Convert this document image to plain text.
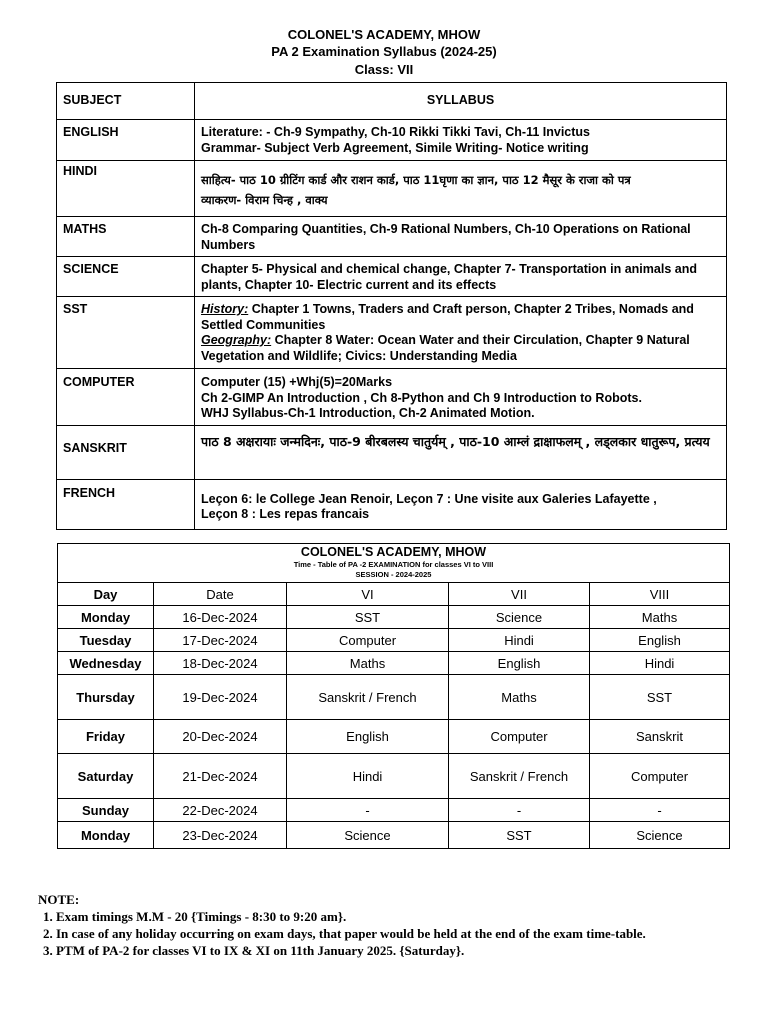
COLONEL'S ACADEMY, MHOW
PA 2 Examination Syllabus (2024-25)
Class: VII
SUBJECT	SYLLABUS
ENGLISH	Literature: - Ch-9 Sympathy, Ch-10 Rikki Tikki Tavi, Ch-11 Invictus
Grammar- Subject Verb Agreement, Simile Writing- Notice writing

HINDI	साहित्य- पाठ 10 ग्रीटिंग कार्ड और राशन कार्ड, पाठ 11घृणा का ज्ञान, पाठ 12 मैसूर के राजा को पत्र
व्याकरण- विराम चिन्ह , वाक्य

MATHS	Ch-8 Comparing Quantities, Ch-9 Rational Numbers, Ch-10 Operations on Rational Numbers
SCIENCE	Chapter 5- Physical and chemical change, Chapter 7- Transportation in animals and plants, Chapter 10- Electric current and its effects
SST	History: Chapter 1 Towns, Traders and Craft person, Chapter 2 Tribes, Nomads and Settled Communities
Geography: Chapter 8 Water: Ocean Water and their Circulation, Chapter 9 Natural Vegetation and Wildlife; Civics: Understanding Media
COMPUTER	Computer (15) +Whj(5)=20Marks
Ch 2-GIMP An Introduction , Ch 8-Python and Ch 9 Introduction to Robots.
WHJ Syllabus-Ch-1 Introduction, Ch-2 Animated Motion.

SANSKRIT	पाठ 8 अक्षरायाः जन्मदिनः, पाठ-9 बीरबलस्य चातुर्यम् , पाठ-10 आम्लं द्राक्षाफलम् , लड्लकार धातुरूप, प्रत्यय
FRENCH	Leçon 6: le College Jean Renoir, Leçon 7 : Une visite aux Galeries Lafayette ,
Leçon 8 : Les repas francais
COLONEL'S ACADEMY, MHOW
Time - Table of PA -2 EXAMINATION for classes VI to VIII
SESSION - 2024-2025				

Day	Date	VI	VII	VIII
Monday	16-Dec-2024	SST	Science	Maths
Tuesday	17-Dec-2024	Computer	Hindi	English
Wednesday	18-Dec-2024	Maths	English	Hindi
Thursday	19-Dec-2024	Sanskrit / French	Maths	SST
Friday	20-Dec-2024	English	Computer	Sanskrit
Saturday	21-Dec-2024	Hindi	Sanskrit / French	Computer
Sunday	22-Dec-2024	-	-	-
Monday	23-Dec-2024	Science	SST	Science
NOTE:
1. Exam timings M.M - 20 {Timings - 8:30 to 9:20 am}.
2. In case of any holiday occurring on exam days, that paper would be held at the end of the exam time-table.
3. PTM of PA-2 for classes VI to IX & XI on 11th January 2025. {Saturday}.
